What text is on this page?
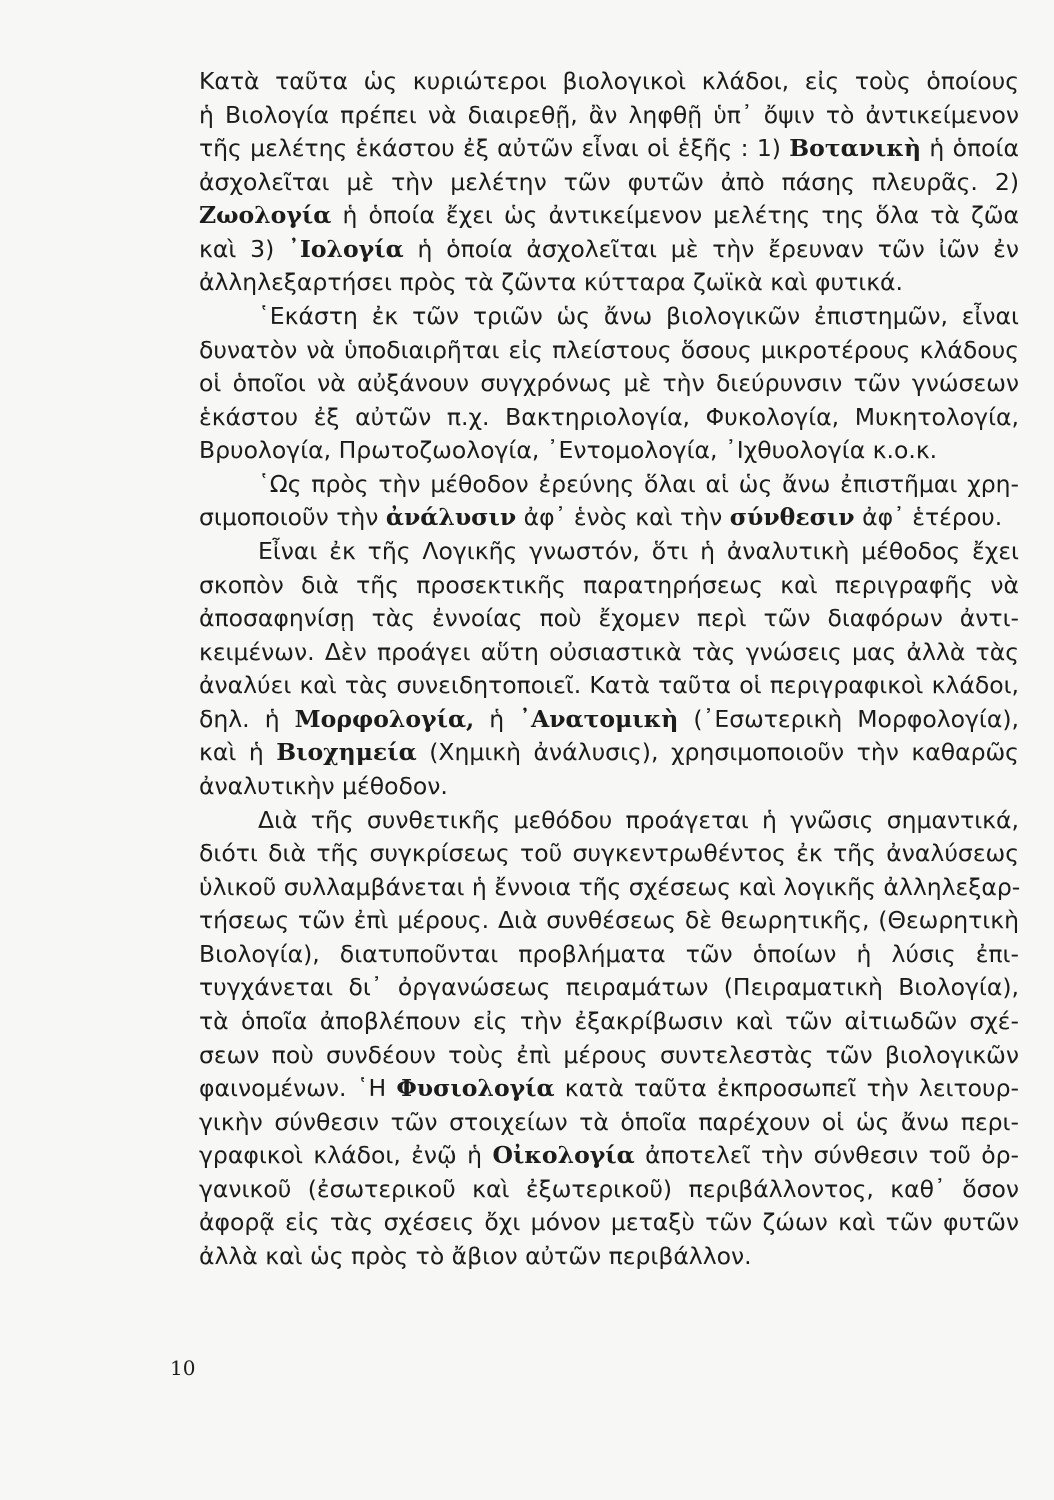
Κατὰ ταῦτα ὡς κυριώτεροι βιολογικοὶ κλάδοι, εἰς τοὺς ὁποίους
ἡ Βιολογία πρέπει νὰ διαιρεθῇ, ἂν ληφθῇ ὑπ᾽ ὄψιν τὸ ἀντικείμενον
τῆς μελέτης ἑκάστου ἐξ αὐτῶν εἶναι οἱ ἑξῆς : 1) Βοτανικὴ ἡ ὁποία
ἀσχολεῖται μὲ τὴν μελέτην τῶν φυτῶν ἀπὸ πάσης πλευρᾶς. 2)
Ζωολογία ἡ ὁποία ἔχει ὡς ἀντικείμενον μελέτης της ὅλα τὰ ζῶα
καὶ 3) ᾿Ιολογία ἡ ὁποία ἀσχολεῖται μὲ τὴν ἔρευναν τῶν ἰῶν ἐν
ἀλληλεξαρτήσει πρὸς τὰ ζῶντα κύτταρα ζωϊκὰ καὶ φυτικά.
῾Εκάστη ἐκ τῶν τριῶν ὡς ἄνω βιολογικῶν ἐπιστημῶν, εἶναι
δυνατὸν νὰ ὑποδιαιρῆται εἰς πλείστους ὅσους μικροτέρους κλάδους
οἱ ὁποῖοι νὰ αὐξάνουν συγχρόνως μὲ τὴν διεύρυνσιν τῶν γνώσεων
ἑκάστου ἐξ αὐτῶν π.χ. Βακτηριολογία, Φυκολογία, Μυκητολογία,
Βρυολογία, Πρωτοζωολογία, ᾿Εντομολογία, ᾿Ιχθυολογία κ.ο.κ.
῾Ως πρὸς τὴν μέθοδον ἐρεύνης ὅλαι αἱ ὡς ἄνω ἐπιστῆμαι χρη-
σιμοποιοῦν τὴν ἀνάλυσιν ἀφ᾽ ἑνὸς καὶ τὴν σύνθεσιν ἀφ᾽ ἑτέρου.
Εἶναι ἐκ τῆς Λογικῆς γνωστόν, ὅτι ἡ ἀναλυτικὴ μέθοδος ἔχει
σκοπὸν διὰ τῆς προσεκτικῆς παρατηρήσεως καὶ περιγραφῆς νὰ
ἀποσαφηνίσῃ τὰς ἐννοίας ποὺ ἔχομεν περὶ τῶν διαφόρων ἀντι-
κειμένων. Δὲν προάγει αὕτη οὐσιαστικὰ τὰς γνώσεις μας ἀλλὰ τὰς
ἀναλύει καὶ τὰς συνειδητοποιεῖ. Κατὰ ταῦτα οἱ περιγραφικοὶ κλάδοι,
δηλ. ἡ Μορφολογία, ἡ ᾿Ανατομικὴ (᾿Εσωτερικὴ Μορφολογία),
καὶ ἡ Βιοχημεία (Χημικὴ ἀνάλυσις), χρησιμοποιοῦν τὴν καθαρῶς
ἀναλυτικὴν μέθοδον.
Διὰ τῆς συνθετικῆς μεθόδου προάγεται ἡ γνῶσις σημαντικά,
διότι διὰ τῆς συγκρίσεως τοῦ συγκεντρωθέντος ἐκ τῆς ἀναλύσεως
ὑλικοῦ συλλαμβάνεται ἡ ἔννοια τῆς σχέσεως καὶ λογικῆς ἀλληλεξαρ-
τήσεως τῶν ἐπὶ μέρους. Διὰ συνθέσεως δὲ θεωρητικῆς, (Θεωρητικὴ
Βιολογία), διατυποῦνται προβλήματα τῶν ὁποίων ἡ λύσις ἐπι-
τυγχάνεται δι᾽ ὀργανώσεως πειραμάτων (Πειραματικὴ Βιολογία),
τὰ ὁποῖα ἀποβλέπουν εἰς τὴν ἐξακρίβωσιν καὶ τῶν αἰτιωδῶν σχέ-
σεων ποὺ συνδέουν τοὺς ἐπὶ μέρους συντελεστὰς τῶν βιολογικῶν
φαινομένων. ῾Η Φυσιολογία κατὰ ταῦτα ἐκπροσωπεῖ τὴν λειτουρ-
γικὴν σύνθεσιν τῶν στοιχείων τὰ ὁποῖα παρέχουν οἱ ὡς ἄνω περι-
γραφικοὶ κλάδοι, ἐνῷ ἡ Οἰκολογία ἀποτελεῖ τὴν σύνθεσιν τοῦ ὀρ-
γανικοῦ (ἐσωτερικοῦ καὶ ἐξωτερικοῦ) περιβάλλοντος, καθ᾽ ὅσον
ἀφορᾷ εἰς τὰς σχέσεις ὄχι μόνον μεταξὺ τῶν ζώων καὶ τῶν φυτῶν
ἀλλὰ καὶ ὡς πρὸς τὸ ἄβιον αὐτῶν περιβάλλον.
10
